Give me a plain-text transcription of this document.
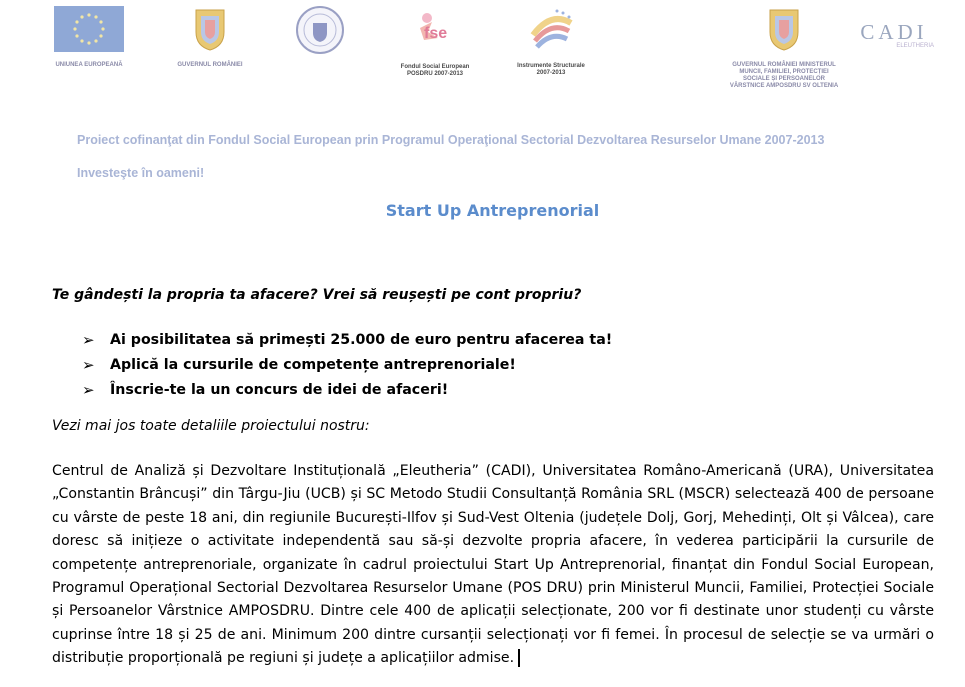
UNIUNEA EUROPEANĂ	GUVERNUL ROMÂNIEI
fse
Fondul Social European POSDRU 2007-2013
Instrumente Structurale 2007-2013
GUVERNUL ROMÂNIEI MINISTERUL MUNCII, FAMILIEI, PROTECȚIEI SOCIALE ȘI PERSOANELOR VÂRSTNICE AMPOSDRU SV OLTENIA
CADI
ELEUTHERIA
Proiect cofinanţat din Fondul Social European prin Programul Operaţional Sectorial Dezvoltarea Resurselor Umane 2007-2013
Investeşte în oameni!
Start Up Antreprenorial
Te gândești la propria ta afacere? Vrei să reușești pe cont propriu?
➢	Ai posibilitatea să primești 25.000 de euro pentru afacerea ta!
➢	Aplică la cursurile de competențe antreprenoriale!
➢	Înscrie-te la un concurs de idei de afaceri!
Vezi mai jos toate detaliile proiectului nostru:

Centrul de Analiză și Dezvoltare Instituțională „Eleutheria” (CADI), Universitatea Româno-Americană (URA), Universitatea „Constantin Brâncuși” din Târgu-Jiu (UCB) și SC Metodo Studii Consultanță România SRL (MSCR) selectează 400 de persoane cu vârste de peste 18 ani, din regiunile București-Ilfov și Sud-Vest Oltenia (județele Dolj, Gorj, Mehedinți, Olt și Vâlcea), care doresc să inițieze o activitate independentă sau să-și dezvolte propria afacere, în vederea participării la cursurile de competențe antreprenoriale, organizate în cadrul proiectului Start Up Antreprenorial, finanțat din Fondul Social European, Programul Operațional Sectorial Dezvoltarea Resurselor Umane (POS DRU) prin Ministerul Muncii, Familiei, Protecției Sociale și Persoanelor Vârstnice AMPOSDRU. Dintre cele 400 de aplicații selecționate, 200 vor fi destinate unor studenți cu vârste cuprinse între 18 și 25 de ani. Minimum 200 dintre cursanții selecționați vor fi femei. În procesul de selecție se va urmări o distribuție proporțională pe regiuni și județe a aplicațiilor admise.
